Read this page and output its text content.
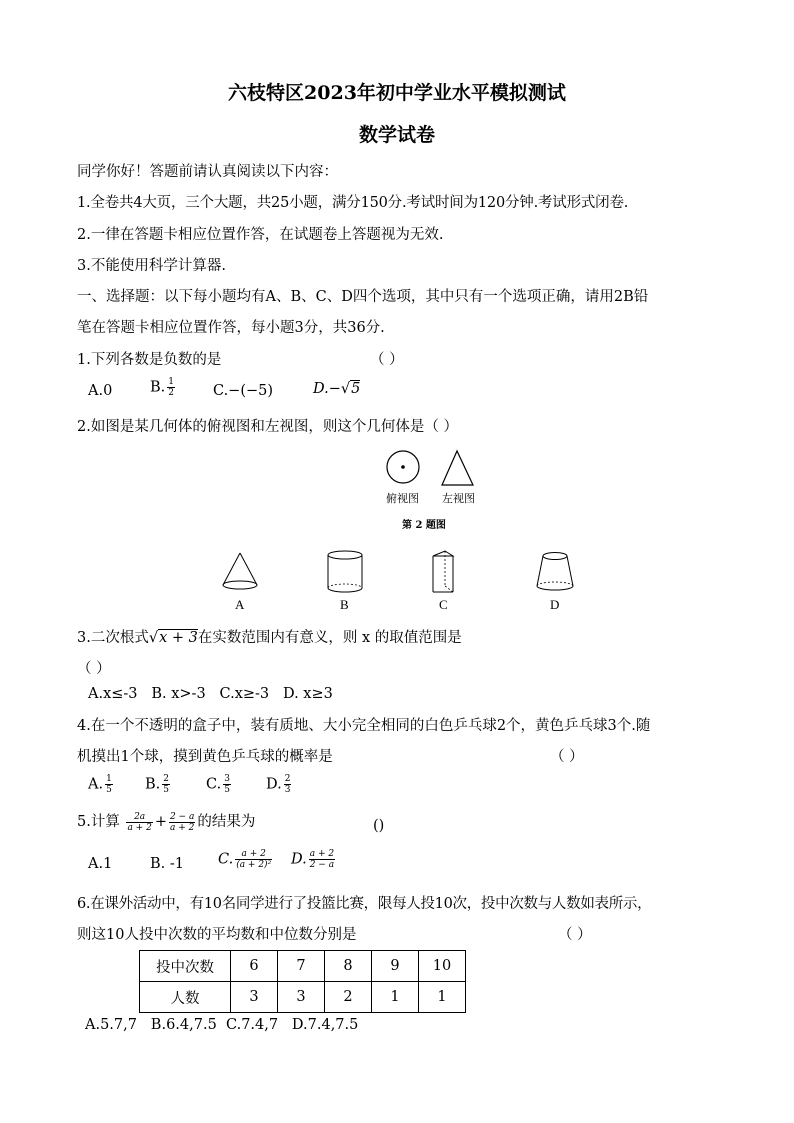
六枝特区2023年初中学业水平模拟测试
数学试卷
同学你好！答题前请认真阅读以下内容：
1.全卷共4大页，三个大题，共25小题，满分150分.考试时间为120分钟.考试形式闭卷.
2.一律在答题卡相应位置作答，在试题卷上答题视为无效.
3.不能使用科学计算器.
一、选择题：以下每小题均有A、B、C、D四个选项，其中只有一个选项正确，请用2B铅
笔在答题卡相应位置作答，每小题3分，共36分.
1.下列各数是负数的是	（ ）
A.0	B. $\frac{1}{2}$	C.−(−5)	D.−√5
2.如图是某几何体的俯视图和左视图，则这个几何体是（ ）
俯视图 左视图
第 2 题图
A	B	C	D
3.二次根式√x + 3在实数范围内有意义，则 x 的取值范围是
（ ）
A.x≤-3   B. x>-3   C.x≥-3   D. x≥3
4.在一个不透明的盒子中，装有质地、大小完全相同的白色乒乓球2个，黄色乒乓球3个.随
机摸出1个球，摸到黄色乒乓球的概率是	（ ）
A. $\frac{1}{5} B$. $\frac{2}{5} C$. $\frac{3}{5} D$. $\frac{2}{3}$
5.计算 $\frac{2a}{a + 2} + \frac{2 - a}{a + 2}$ 的结果为	()
A.1	B. -1 C. $\frac{a + 2}{\text{(a + 2)²}} D$. $\frac{a + 2}{2 - a}$
6.在课外活动中，有10名同学进行了投篮比赛，限每人投10次，投中次数与人数如表所示，
则这10人投中次数的平均数和中位数分别是	（ ）
投中次数	6	7	8	9	10
人数	3	3	2	1	1
A.5.7,7   B.6.4,7.5  C.7.4,7   D.7.4,7.5
